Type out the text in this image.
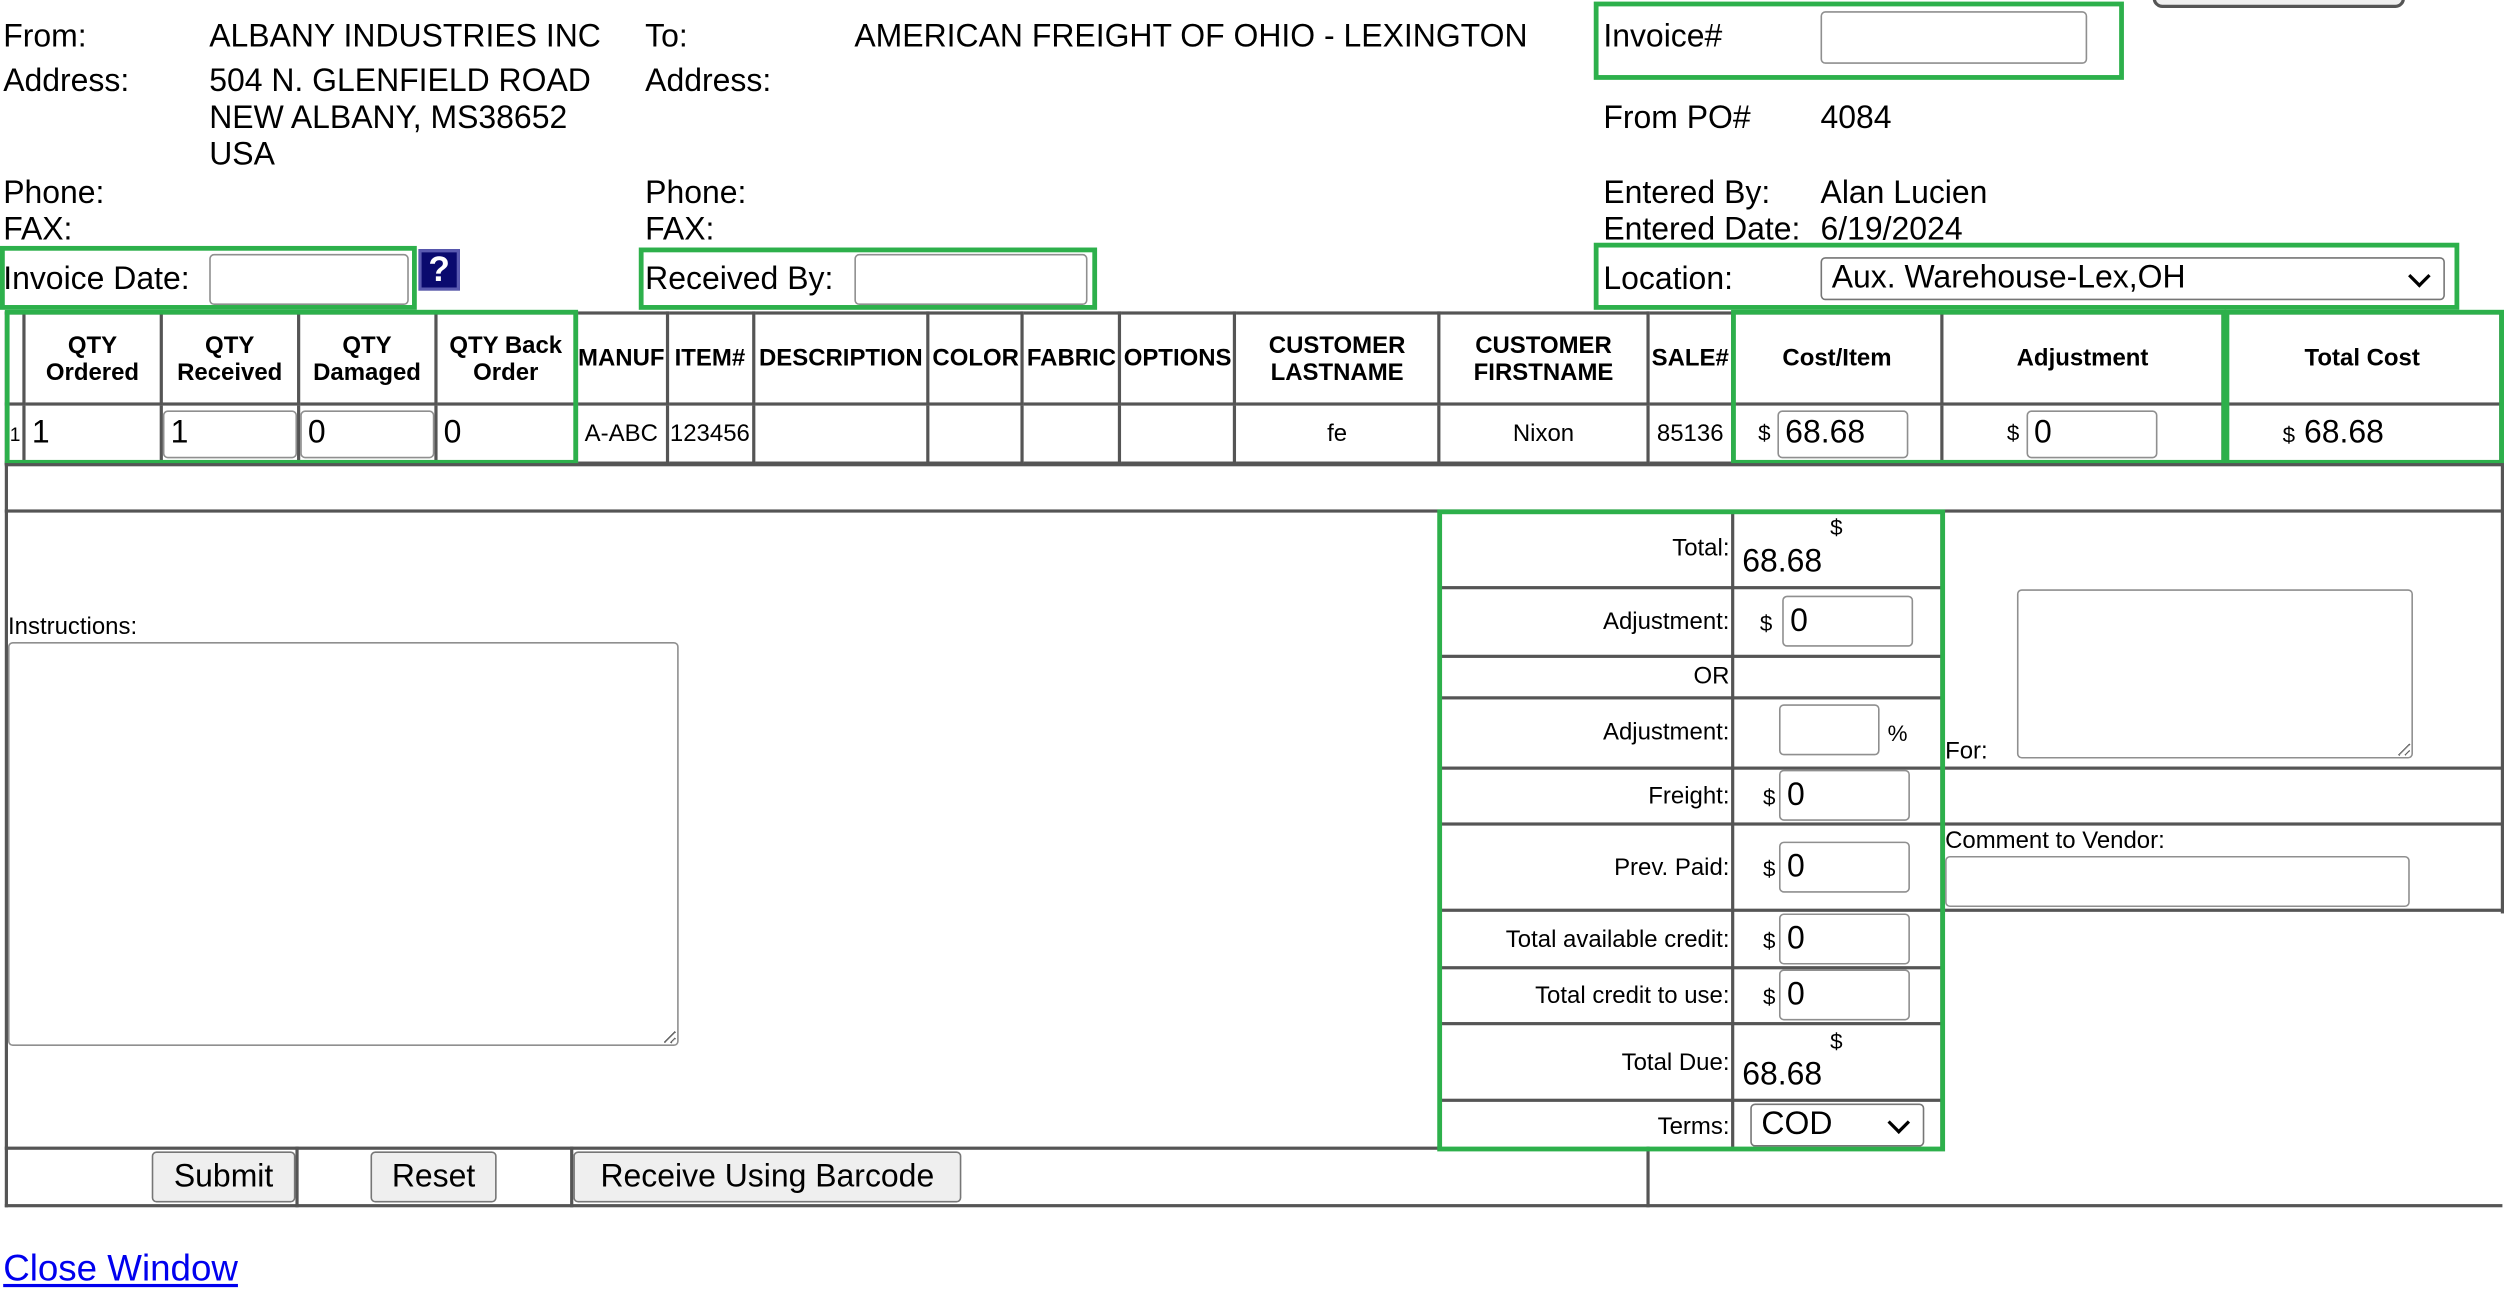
From:	ALBANY INDUSTRIES INC
Address:	504 N. GLENFIELD ROAD
NEW ALBANY, MS38652
USA
Phone:
FAX:
To:	AMERICAN FREIGHT OF OHIO - LEXINGTON
Address:
Phone:
FAX:
Invoice#
From PO#	4084
Entered By:	Alan Lucien
Entered Date: 6/19/2024
Invoice Date:	?	Received By:	Location:	Aux. Warehouse-Lex,OH
	QTY Ordered	QTY Received	QTY Damaged	QTY Back Order	MANUF	ITEM#	DESCRIPTION	COLOR	FABRIC	OPTIONS	CUSTOMER LASTNAME	CUSTOMER FIRSTNAME	SALE#	Cost/Item	Adjustment	Total Cost
1	1	1	0	0	A-ABC	123456					fe	Nixon	85136	$ 68.68	$ 0	$ 68.68
Instructions:
Total:
$
68.68
Adjustment: $
0
OR
Adjustment:	%
Freight: $
0
Prev. Paid: $
0
Total available credit: $
0
Total credit to use: $
0
Total Due:
$
68.68
Terms: COD
For:
Comment to Vendor:
Submit	Reset	Receive Using Barcode
Close Window
